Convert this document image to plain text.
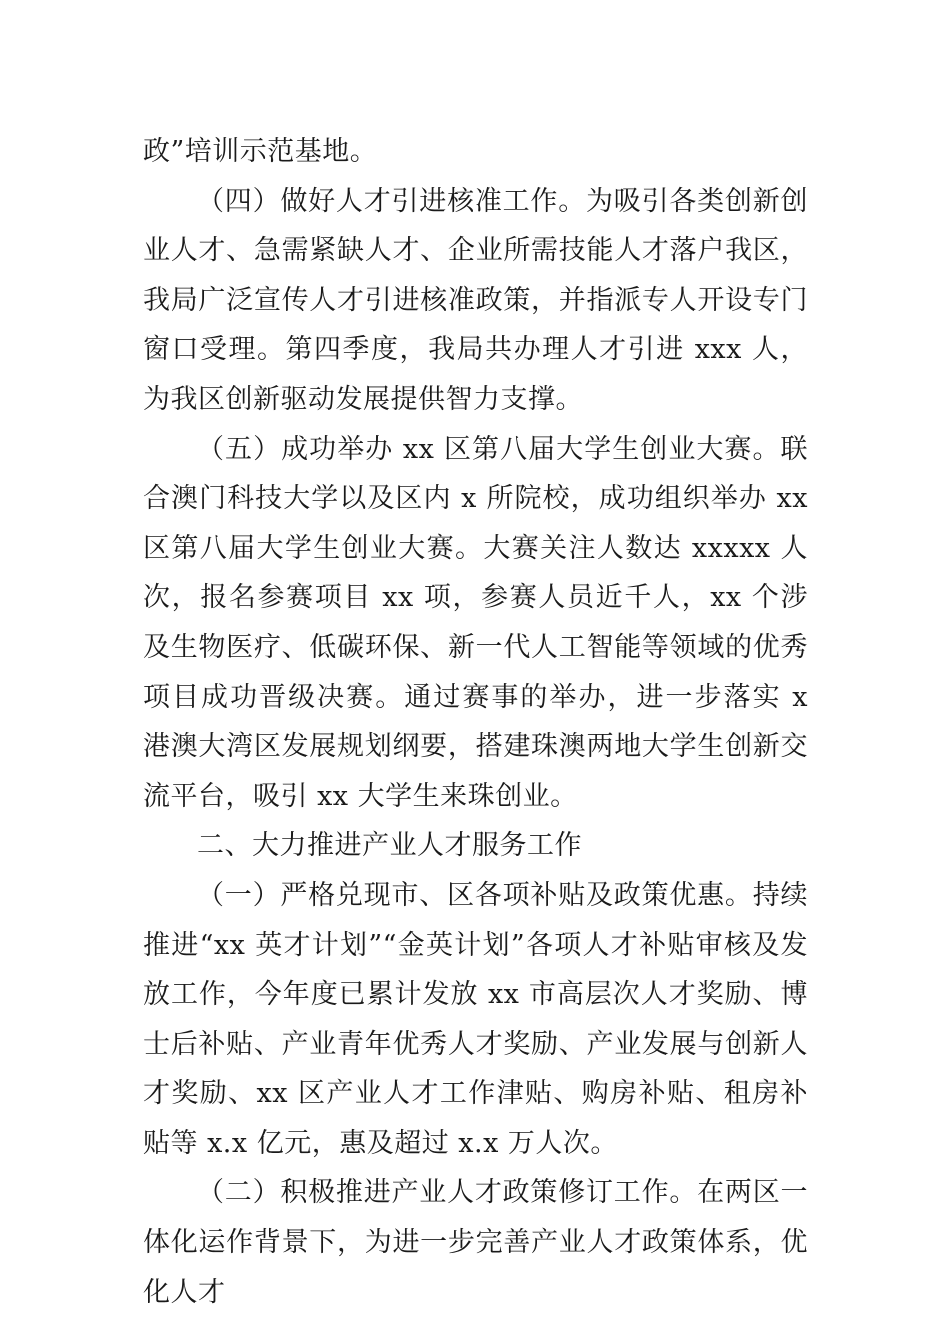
政”培训示范基地。

（四）做好人才引进核准工作。为吸引各类创新创业人才、急需紧缺人才、企业所需技能人才落户我区，我局广泛宣传人才引进核准政策，并指派专人开设专门窗口受理。第四季度，我局共办理人才引进 xxx 人，为我区创新驱动发展提供智力支撑。

（五）成功举办 xx 区第八届大学生创业大赛。联合澳门科技大学以及区内 x 所院校，成功组织举办 xx 区第八届大学生创业大赛。大赛关注人数达 xxxxx 人次，报名参赛项目 xx 项，参赛人员近千人，xx 个涉及生物医疗、低碳环保、新一代人工智能等领域的优秀项目成功晋级决赛。通过赛事的举办，进一步落实 x 港澳大湾区发展规划纲要，搭建珠澳两地大学生创新交流平台，吸引 xx 大学生来珠创业。

二、大力推进产业人才服务工作

（一）严格兑现市、区各项补贴及政策优惠。持续推进“xx 英才计划”“金英计划”各项人才补贴审核及发放工作，今年度已累计发放 xx 市高层次人才奖励、博士后补贴、产业青年优秀人才奖励、产业发展与创新人才奖励、xx 区产业人才工作津贴、购房补贴、租房补贴等 x.x 亿元，惠及超过 x.x 万人次。

（二）积极推进产业人才政策修订工作。在两区一体化运作背景下，为进一步完善产业人才政策体系，优化人才
